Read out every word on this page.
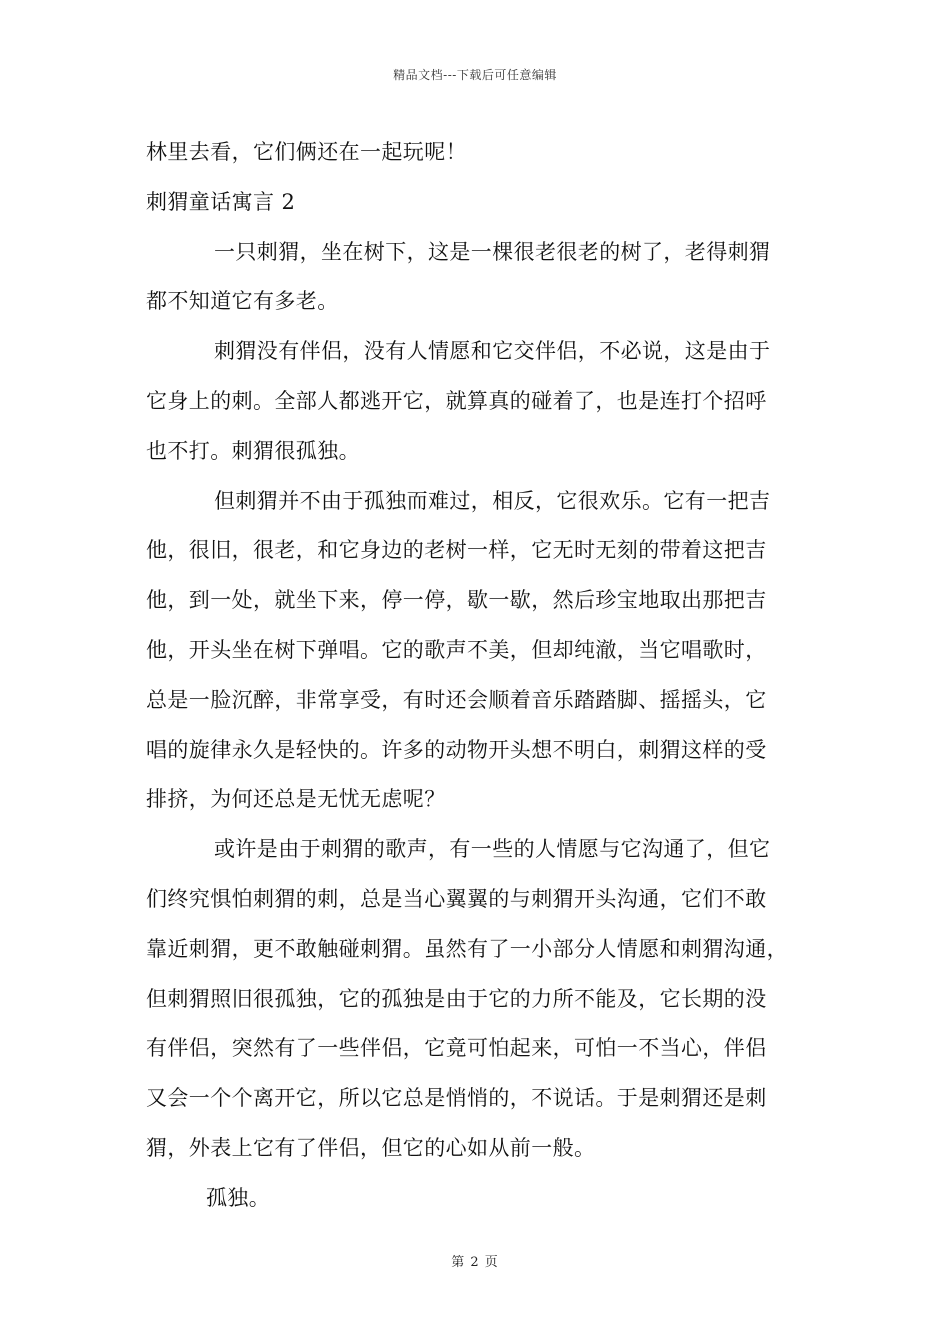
精品文档---下载后可任意编辑
林里去看，它们俩还在一起玩呢！
刺猬童话寓言 2
一只刺猬，坐在树下，这是一棵很老很老的树了，老得刺猬
都不知道它有多老。
刺猬没有伴侣，没有人情愿和它交伴侣，不必说，这是由于
它身上的刺。全部人都逃开它，就算真的碰着了，也是连打个招呼
也不打。刺猬很孤独。
但刺猬并不由于孤独而难过，相反，它很欢乐。它有一把吉
他，很旧，很老，和它身边的老树一样，它无时无刻的带着这把吉
他，到一处，就坐下来，停一停，歇一歇，然后珍宝地取出那把吉
他，开头坐在树下弹唱。它的歌声不美，但却纯澈，当它唱歌时，
总是一脸沉醉，非常享受，有时还会顺着音乐踏踏脚、摇摇头，它
唱的旋律永久是轻快的。许多的动物开头想不明白，刺猬这样的受
排挤，为何还总是无忧无虑呢？
或许是由于刺猬的歌声，有一些的人情愿与它沟通了，但它
们终究惧怕刺猬的刺，总是当心翼翼的与刺猬开头沟通，它们不敢
靠近刺猬，更不敢触碰刺猬。虽然有了一小部分人情愿和刺猬沟通，
但刺猬照旧很孤独，它的孤独是由于它的力所不能及，它长期的没
有伴侣，突然有了一些伴侣，它竟可怕起来，可怕一不当心，伴侣
又会一个个离开它，所以它总是悄悄的，不说话。于是刺猬还是刺
猬，外表上它有了伴侣，但它的心如从前一般。
孤独。
第 2 页
